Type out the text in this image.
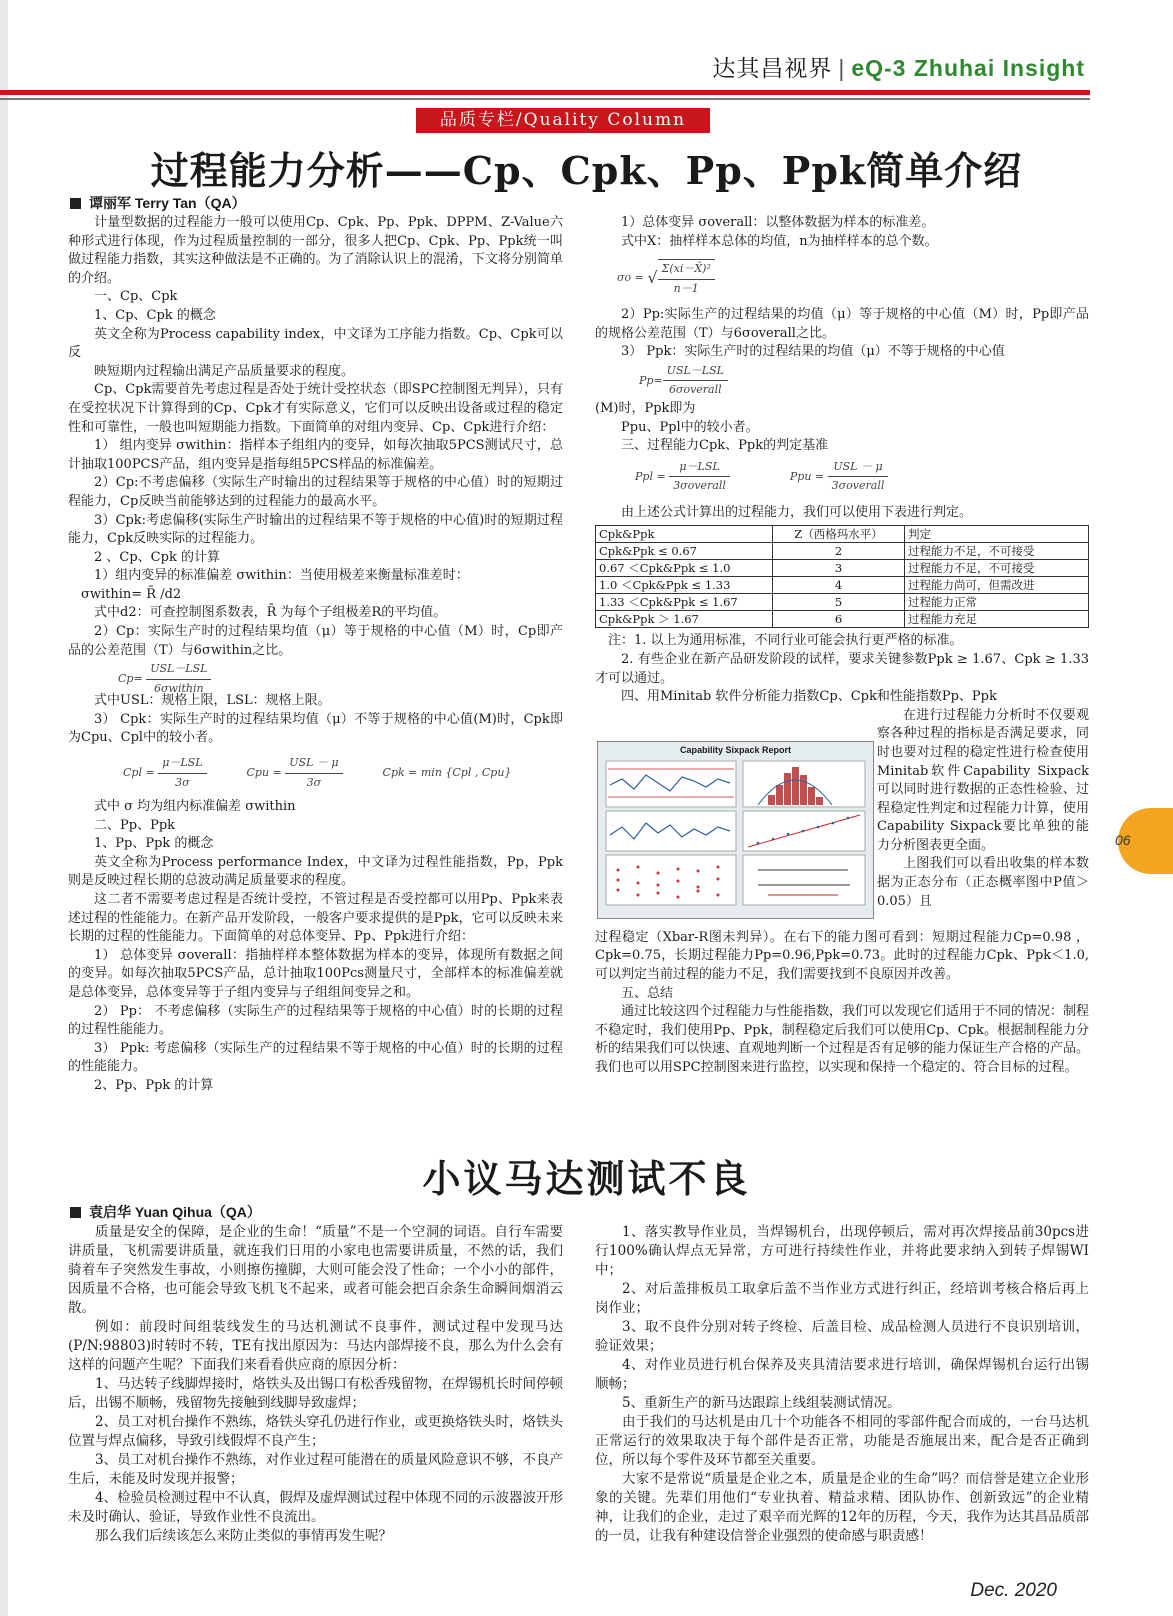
达其昌视界 | eQ-3 Zhuhai Insight
品质专栏/Quality Column
过程能力分析——Cp、Cpk、Pp、Ppk简单介绍
谭丽军 Terry Tan（QA）

计量型数据的过程能力一般可以使用Cp、Cpk、Pp、Ppk、DPPM、Z-Value六种形式进行体现，作为过程质量控制的一部分，很多人把Cp、Cpk、Pp、Ppk统一叫做过程能力指数，其实这种做法是不正确的。为了消除认识上的混淆，下文将分别简单的介绍。

一、Cp、Cpk

1、Cp、Cpk 的概念

英文全称为Process capability index，中文译为工序能力指数。Cp、Cpk可以反

映短期内过程输出满足产品质量要求的程度。

Cp、Cpk需要首先考虑过程是否处于统计受控状态（即SPC控制图无判异），只有在受控状况下计算得到的Cp、Cpk才有实际意义，它们可以反映出设备或过程的稳定性和可靠性，一般也叫短期能力指数。下面简单的对组内变异、Cp、Cpk进行介绍：

1） 组内变异 σwithin：指样本子组组内的变异，如每次抽取5PCS测试尺寸，总计抽取100PCS产品，组内变异是指每组5PCS样品的标准偏差。

2）Cp:不考虑偏移（实际生产时输出的过程结果等于规格的中心值）时的短期过程能力，Cp反映当前能够达到的过程能力的最高水平。

3）Cpk:考虑偏移(实际生产时输出的过程结果不等于规格的中心值)时的短期过程能力，Cpk反映实际的过程能力。

2 、Cp、Cpk 的计算

1）组内变异的标准偏差 σwithin：当使用极差来衡量标准差时：

σwithin= R̄ /d2

式中d2：可查控制图系数表，R̄ 为每个子组极差R的平均值。

2）Cp：实际生产时的过程结果均值（μ）等于规格的中心值（M）时，Cp即产品的公差范围（T）与6σwithin之比。

$Cp= \frac{\text{USL－LSL}}{\text{6σwithin}}$

式中USL：规格上限，LSL：规格上限。

3） Cpk：实际生产时的过程结果均值（μ）不等于规格的中心值(M)时，Cpk即为Cpu、Cpl中的较小者。

Cpl = $\frac{\text{μ－LSL}}{3\sigma}$	Cpu = $\frac{\text{USL － μ}}{3\sigma}$	Cpk = min {Cpl , Cpu}

式中 σ 均为组内标准偏差 σwithin

二、Pp、Ppk

1、Pp、Ppk 的概念

英文全称为Process performance Index，中文译为过程性能指数，Pp，Ppk则是反映过程长期的总波动满足质量要求的程度。

这二者不需要考虑过程是否统计受控，不管过程是否受控都可以用Pp、Ppk来表述过程的性能能力。在新产品开发阶段，一般客户要求提供的是Ppk，它可以反映未来长期的过程的性能能力。下面简单的对总体变异、Pp、Ppk进行介绍：

1） 总体变异 σoverall：指抽样样本整体数据为样本的变异，体现所有数据之间的变异。如每次抽取5PCS产品，总计抽取100Pcs测量尺寸，全部样本的标准偏差就是总体变异，总体变异等于子组内变异与子组组间变异之和。

2） Pp： 不考虑偏移（实际生产的过程结果等于规格的中心值）时的长期的过程的过程性能能力。

3） Ppk: 考虑偏移（实际生产的过程结果不等于规格的中心值）时的长期的过程的性能能力。

2、Pp、Ppk 的计算

1）总体变异 σoverall：以整体数据为样本的标准差。

式中X：抽样样本总体的均值，n为抽样样本的总个数。

σo =
√ $\frac{\text{Σ(xi－X̄)²}}{n-1}$

2）Pp:实际生产的过程结果的均值（μ）等于规格的中心值（M）时，Pp即产品的规格公差范围（T）与6σoverall之比。

3） Ppk：实际生产时的过程结果的均值（μ）不等于规格的中心值

$Pp= \frac{\text{USL－LSL}}{\text{6σoverall}}$

(M)时，Ppk即为

Ppu、Ppl中的较小者。

三、过程能力Cpk、Ppk的判定基准

Ppl = $\frac{\text{μ－LSL}}{\text{3σoverall}}$	Ppu = $\frac{\text{USL － μ}}{\text{3σoverall}}$

由上述公式计算出的过程能力，我们可以使用下表进行判定。

Cpk&Ppk	Z（西格玛水平）	判定
Cpk&Ppk ≤ 0.67	2	过程能力不足，不可接受
0.67 ＜Cpk&Ppk ≤ 1.0	3	过程能力不足，不可接受
1.0 ＜Cpk&Ppk ≤ 1.33	4	过程能力尚可，但需改进
1.33 ＜Cpk&Ppk ≤ 1.67	5	过程能力正常
Cpk&Ppk ＞ 1.67	6	过程能力充足

注：1. 以上为通用标准，不同行业可能会执行更严格的标准。

2. 有些企业在新产品研发阶段的试样，要求关键参数Ppk ≥ 1.67、Cpk ≥ 1.33才可以通过。

四、用Minitab 软件分析能力指数Cp、Cpk和性能指数Pp、Ppk

在进行过程能力分析时不仅要观察各种过程的指标是否满足要求，同时也要对过程的稳定性进行检查使用Minitab软件Capability Sixpack可以同时进行数据的正态性检验、过程稳定性判定和过程能力计算，使用Capability Sixpack要比单独的能力分析图表更全面。

上图我们可以看出收集的样本数据为正态分布（正态概率图中P值＞0.05）且

过程稳定（Xbar-R图未判异）。在右下的能力图可看到：短期过程能力Cp=0.98 ，Cpk=0.75，长期过程能力Pp=0.96,Ppk=0.73。此时的过程能力Cpk、Ppk＜1.0, 可以判定当前过程的能力不足，我们需要找到不良原因并改善。

五、总结

通过比较这四个过程能力与性能指数，我们可以发现它们适用于不同的情况：制程不稳定时，我们使用Pp、Ppk，制程稳定后我们可以使用Cp、Cpk。根据制程能力分析的结果我们可以快速、直观地判断一个过程是否有足够的能力保证生产合格的产品。我们也可以用SPC控制图来进行监控，以实现和保持一个稳定的、符合目标的过程。

Capability Sixpack Report
小议马达测试不良
袁启华 Yuan Qihua（QA）

质量是安全的保障，是企业的生命！“质量”不是一个空洞的词语。自行车需要讲质量，飞机需要讲质量，就连我们日用的小家电也需要讲质量，不然的话，我们骑着车子突然发生事故，小则擦伤撞脚，大则可能会没了性命；一个小小的部件，因质量不合格，也可能会导致飞机飞不起来，或者可能会把百余条生命瞬间烟消云散。

例如：前段时间组装线发生的马达机测试不良事件，测试过程中发现马达(P/N:98803)时转时不转，TE有找出原因为：马达内部焊接不良，那么为什么会有这样的问题产生呢？下面我们来看看供应商的原因分析：

1、马达转子线脚焊接时，烙铁头及出锡口有松香残留物，在焊锡机长时间停顿后，出锡不顺畅，残留物先接触到线脚导致虚焊；

2、员工对机台操作不熟练，烙铁头穿孔仍进行作业，或更换烙铁头时，烙铁头位置与焊点偏移，导致引线假焊不良产生；

3、员工对机台操作不熟练，对作业过程可能潜在的质量风险意识不够，不良产生后，未能及时发现并报警；

4、检验员检测过程中不认真，假焊及虚焊测试过程中体现不同的示波器波开形未及时确认、验证，导致作业性不良流出。

那么我们后续该怎么来防止类似的事情再发生呢？

1、落实教导作业员，当焊锡机台，出现停顿后，需对再次焊接品前30pcs进行100%确认焊点无异常，方可进行持续性作业，并将此要求纳入到转子焊锡WI中；

2、对后盖排板员工取拿后盖不当作业方式进行纠正，经培训考核合格后再上岗作业；

3、取不良件分别对转子终检、后盖目检、成品检测人员进行不良识别培训，验证效果；

4、对作业员进行机台保养及夹具清洁要求进行培训，确保焊锡机台运行出锡顺畅；

5、重新生产的新马达跟踪上线组装测试情况。

由于我们的马达机是由几十个功能各不相同的零部件配合而成的，一台马达机正常运行的效果取决于每个部件是否正常，功能是否施展出来，配合是否正确到位，所以每个零件及环节都至关重要。

大家不是常说“质量是企业之本，质量是企业的生命”吗？而信誉是建立企业形象的关键。先辈们用他们“专业执着、精益求精、团队协作、创新致远”的企业精神，让我们的企业，走过了艰辛而光辉的12年的历程，今天，我作为达其昌品质部的一员，让我有种建设信誉企业强烈的使命感与职责感！

06
Dec. 2020
